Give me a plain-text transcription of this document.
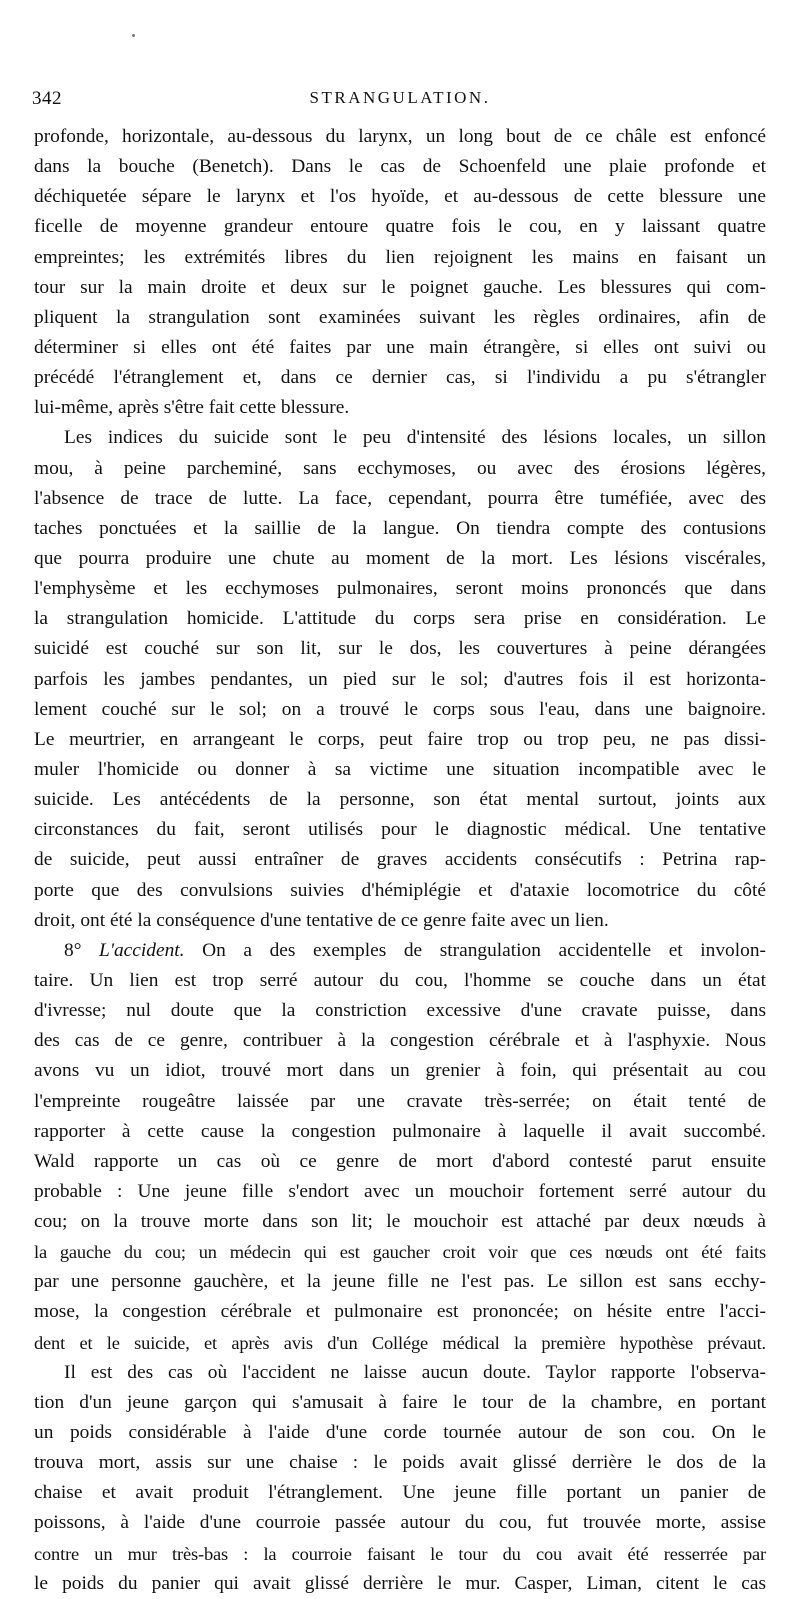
342	STRANGULATION.
profonde, horizontale, au-dessous du larynx, un long bout de ce châle est enfoncé
dans la bouche (Benetch). Dans le cas de Schoenfeld une plaie profonde et
déchiquetée sépare le larynx et l'os hyoïde, et au-dessous de cette blessure une
ficelle de moyenne grandeur entoure quatre fois le cou, en y laissant quatre
empreintes; les extrémités libres du lien rejoignent les mains en faisant un
tour sur la main droite et deux sur le poignet gauche. Les blessures qui com-
pliquent la strangulation sont examinées suivant les règles ordinaires, afin de
déterminer si elles ont été faites par une main étrangère, si elles ont suivi ou
précédé l'étranglement et, dans ce dernier cas, si l'individu a pu s'étrangler
lui-même, après s'être fait cette blessure.
Les indices du suicide sont le peu d'intensité des lésions locales, un sillon
mou, à peine parcheminé, sans ecchymoses, ou avec des érosions légères,
l'absence de trace de lutte. La face, cependant, pourra être tuméfiée, avec des
taches ponctuées et la saillie de la langue. On tiendra compte des contusions
que pourra produire une chute au moment de la mort. Les lésions viscérales,
l'emphysème et les ecchymoses pulmonaires, seront moins prononcés que dans
la strangulation homicide. L'attitude du corps sera prise en considération. Le
suicidé est couché sur son lit, sur le dos, les couvertures à peine dérangées
parfois les jambes pendantes, un pied sur le sol; d'autres fois il est horizonta-
lement couché sur le sol; on a trouvé le corps sous l'eau, dans une baignoire.
Le meurtrier, en arrangeant le corps, peut faire trop ou trop peu, ne pas dissi-
muler l'homicide ou donner à sa victime une situation incompatible avec le
suicide. Les antécédents de la personne, son état mental surtout, joints aux
circonstances du fait, seront utilisés pour le diagnostic médical. Une tentative
de suicide, peut aussi entraîner de graves accidents consécutifs : Petrina rap-
porte que des convulsions suivies d'hémiplégie et d'ataxie locomotrice du côté
droit, ont été la conséquence d'une tentative de ce genre faite avec un lien.
8° L'accident. On a des exemples de strangulation accidentelle et involon-
taire. Un lien est trop serré autour du cou, l'homme se couche dans un état
d'ivresse; nul doute que la constriction excessive d'une cravate puisse, dans
des cas de ce genre, contribuer à la congestion cérébrale et à l'asphyxie. Nous
avons vu un idiot, trouvé mort dans un grenier à foin, qui présentait au cou
l'empreinte rougeâtre laissée par une cravate très-serrée; on était tenté de
rapporter à cette cause la congestion pulmonaire à laquelle il avait succombé.
Wald rapporte un cas où ce genre de mort d'abord contesté parut ensuite
probable : Une jeune fille s'endort avec un mouchoir fortement serré autour du
cou; on la trouve morte dans son lit; le mouchoir est attaché par deux nœuds à
la gauche du cou; un médecin qui est gaucher croit voir que ces nœuds ont été faits
par une personne gauchère, et la jeune fille ne l'est pas. Le sillon est sans ecchy-
mose, la congestion cérébrale et pulmonaire est prononcée; on hésite entre l'acci-
dent et le suicide, et après avis d'un Collége médical la première hypothèse prévaut.
Il est des cas où l'accident ne laisse aucun doute. Taylor rapporte l'observa-
tion d'un jeune garçon qui s'amusait à faire le tour de la chambre, en portant
un poids considérable à l'aide d'une corde tournée autour de son cou. On le
trouva mort, assis sur une chaise : le poids avait glissé derrière le dos de la
chaise et avait produit l'étranglement. Une jeune fille portant un panier de
poissons, à l'aide d'une courroie passée autour du cou, fut trouvée morte, assise
contre un mur très-bas : la courroie faisant le tour du cou avait été resserrée par
le poids du panier qui avait glissé derrière le mur. Casper, Liman, citent le cas
